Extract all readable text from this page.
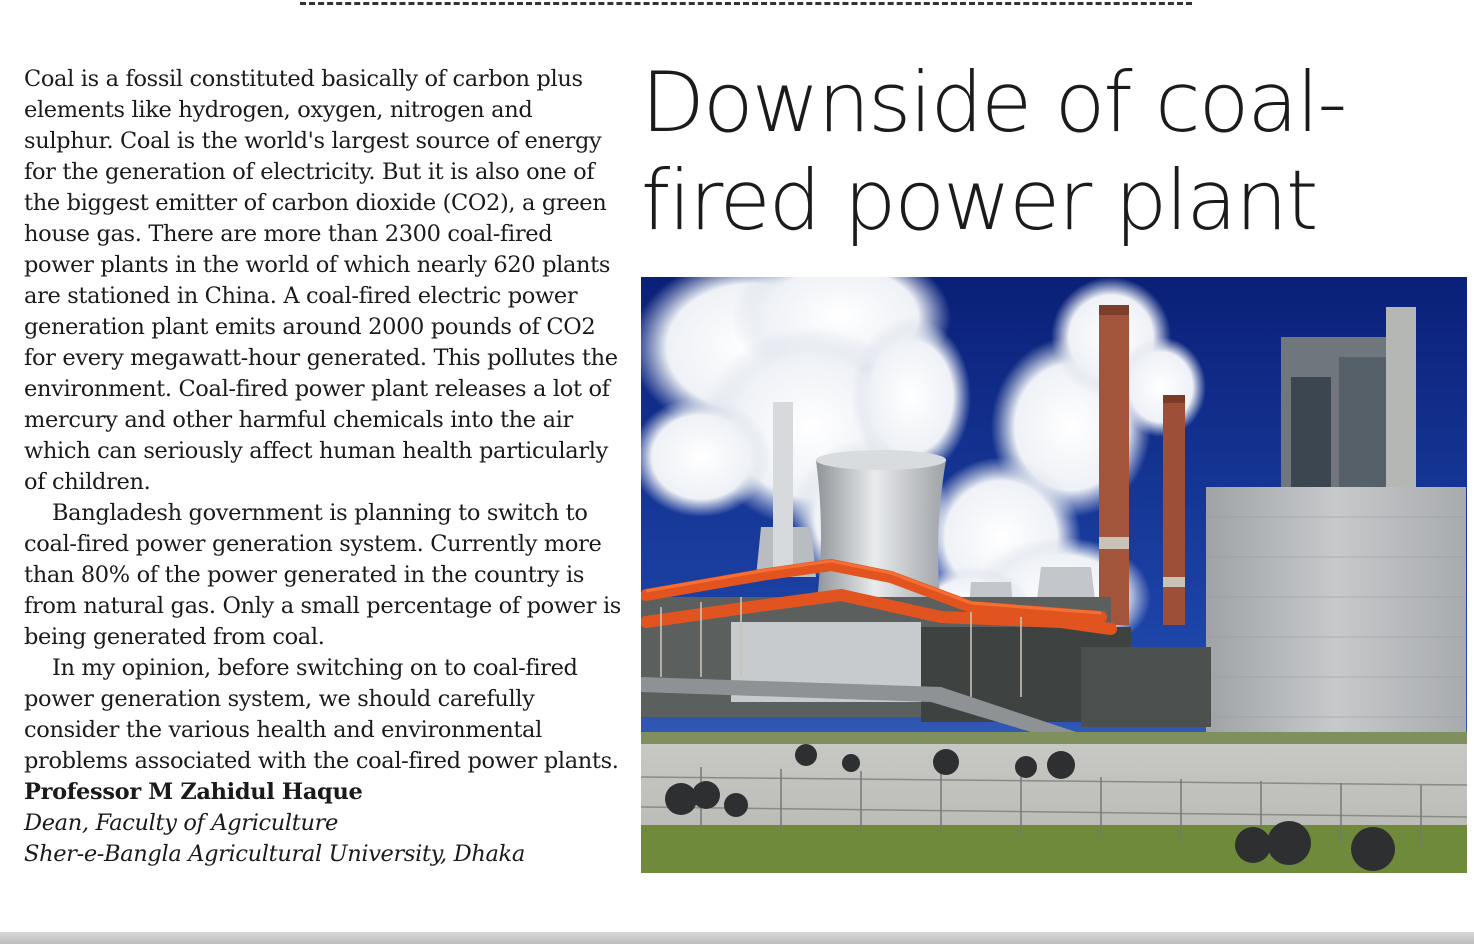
Coal is a fossil constituted basically of carbon plus elements like hydrogen, oxygen, nitrogen and sulphur. Coal is the world's largest source of energy for the generation of electricity. But it is also one of the biggest emitter of carbon dioxide (CO2), a green house gas. There are more than 2300 coal-fired power plants in the world of which nearly 620 plants are stationed in China. A coal-fired electric power generation plant emits around 2000 pounds of CO2 for every megawatt-hour generated. This pollutes the environment. Coal-fired power plant releases a lot of mercury and other harmful chemicals into the air which can seriously affect human health particularly of children.

Bangladesh government is planning to switch to coal-fired power generation system. Currently more than 80% of the power generated in the country is from natural gas. Only a small percentage of power is being generated from coal.

In my opinion, before switching on to coal-fired power generation system, we should carefully consider the various health and environmental problems associated with the coal-fired power plants.

Professor M Zahidul Haque

Dean, Faculty of Agriculture

Sher-e-Bangla Agricultural University, Dhaka

Downside of coal-fired power plant
